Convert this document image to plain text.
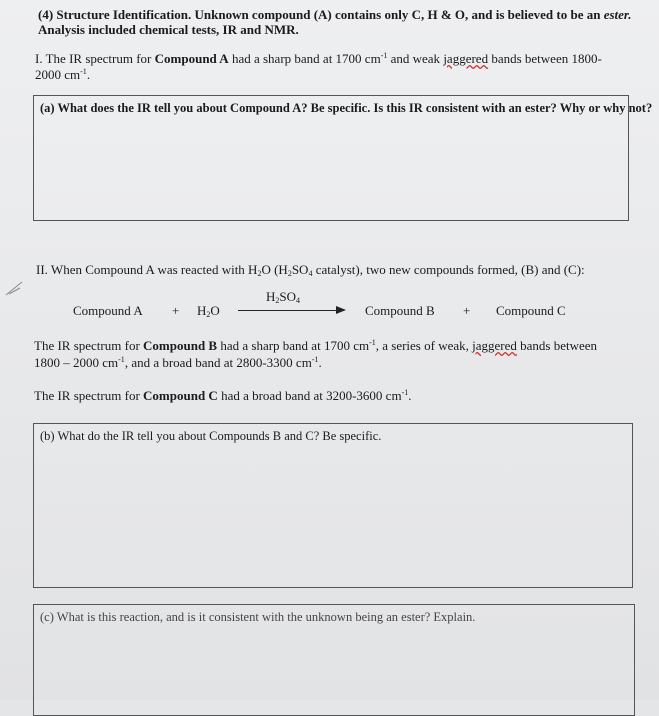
(4) Structure Identification. Unknown compound (A) contains only C, H & O, and is believed to be an ester.
Analysis included chemical tests, IR and NMR.
I. The IR spectrum for Compound A had a sharp band at 1700 $cm^{-1}$ and weak jaggered bands between 1800-
2000 $cm^{-1}$.
(a) What does the IR tell you about Compound A? Be specific. Is this IR consistent with an ester? Why or why not?
II. When Compound A was reacted with $H_2O$ ($H_2SO_4$ catalyst), two new compounds formed, (B) and (C):
Compound $A + H_2O$
$H_2SO_4$
Compound B + Compound C
The IR spectrum for Compound B had a sharp band at 1700 $cm^{-1}$, a series of weak, jaggered bands between
1800 – 2000 $cm^{-1}$, and a broad band at 2800-3300 $cm^{-1}$.
The IR spectrum for Compound C had a broad band at 3200-3600 $cm^{-1}$.
(b) What do the IR tell you about Compounds B and C? Be specific.
(c) What is this reaction, and is it consistent with the unknown being an ester? Explain.
